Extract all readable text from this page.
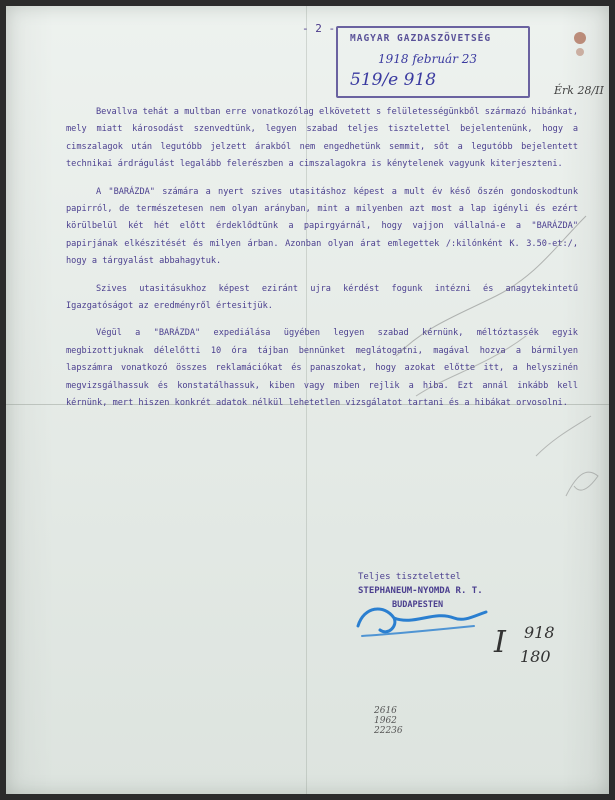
- 2 -
MAGYAR GAZDASZÖVETSÉG
1918 február 23
519/e 918
Érk 28/II

Bevallva tehát a multban erre vonatkozólag elkövetett s felületességünkből származó hibánkat, mely miatt károsodást szenvedtünk, legyen szabad teljes tisztelettel bejelentenünk, hogy a cimszalagok után legutóbb jelzett árakból nem engedhetünk semmit, sőt a legutóbb bejelentett technikai árdrágulást legalább felerészben a cimszalagokra is kénytelenek vagyunk kiterjeszteni.

A "BARÁZDA" számára a nyert szives utasitáshoz képest a mult év késő őszén gondoskodtunk papirról, de természetesen nem olyan arányban, mint a milyenben azt most a lap igényli és ezért körülbelül két hét előtt érdeklődtünk a papirgyárnál, hogy vajjon vállalná-e a "BARÁZDA" papirjának elkészitését és milyen árban. Azonban olyan árat emlegettek /:kilónként K. 3.50-et:/, hogy a tárgyalást abbahagytuk.

Szives utasitásukhoz képest eziránt ujra kérdést fogunk intézni és anagytekintetű Igazgatóságot az eredményről értesitjük.

Végül a "BARÁZDA" expediálása ügyében legyen szabad kérnünk, méltóztassék egyik megbizottjuknak délelőtti 10 óra tájban bennünket meglátogatni, magával hozva a bármilyen lapszámra vonatkozó összes reklamációkat és panaszokat, hogy azokat előtte itt, a helyszinén megvizsgálhassuk és konstatálhassuk, kiben vagy miben rejlik a hiba. Ezt annál inkább kell kérnünk, mert hiszen konkrét adatok nélkül lehetetlen vizsgálatot tartani és a hibákat orvosolni.

Teljes tisztelettel
STEPHANEUM-NYOMDA R. T.
BUDAPESTEN
I 918
180
2616
1962
22236
